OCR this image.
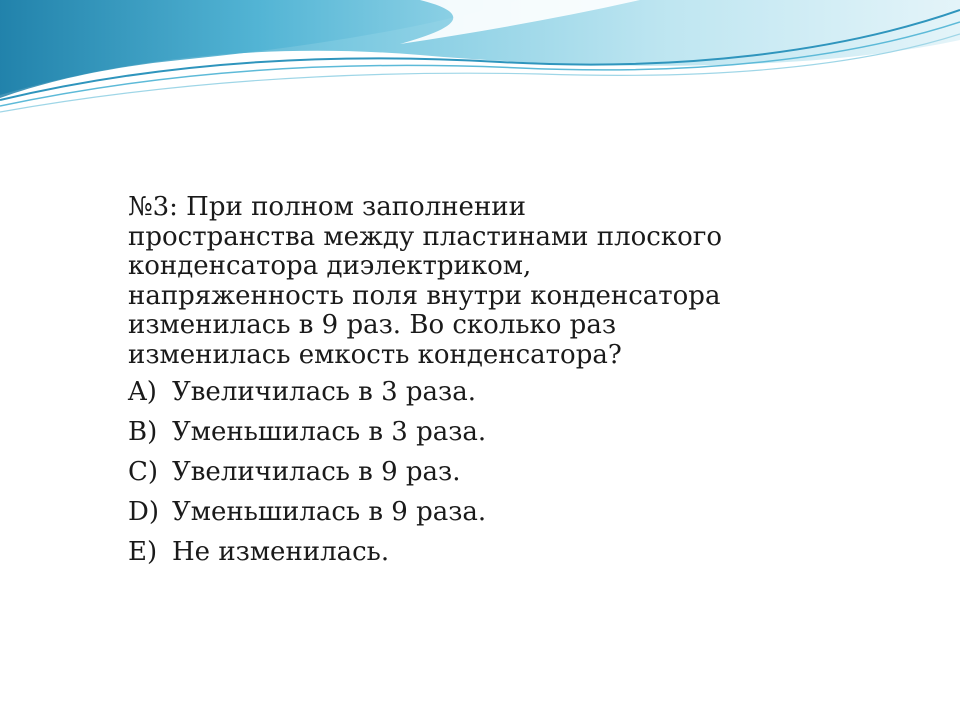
№3: При полном заполнении
пространства между пластинами плоского
конденсатора диэлектриком,
напряженность поля внутри конденсатора
изменилась в 9 раз. Во сколько раз
изменилась емкость конденсатора?
A) Увеличилась в 3 раза.
B) Уменьшилась в 3 раза.
C) Увеличилась в 9 раз.
D) Уменьшилась в 9 раза.
E) Не изменилась.
